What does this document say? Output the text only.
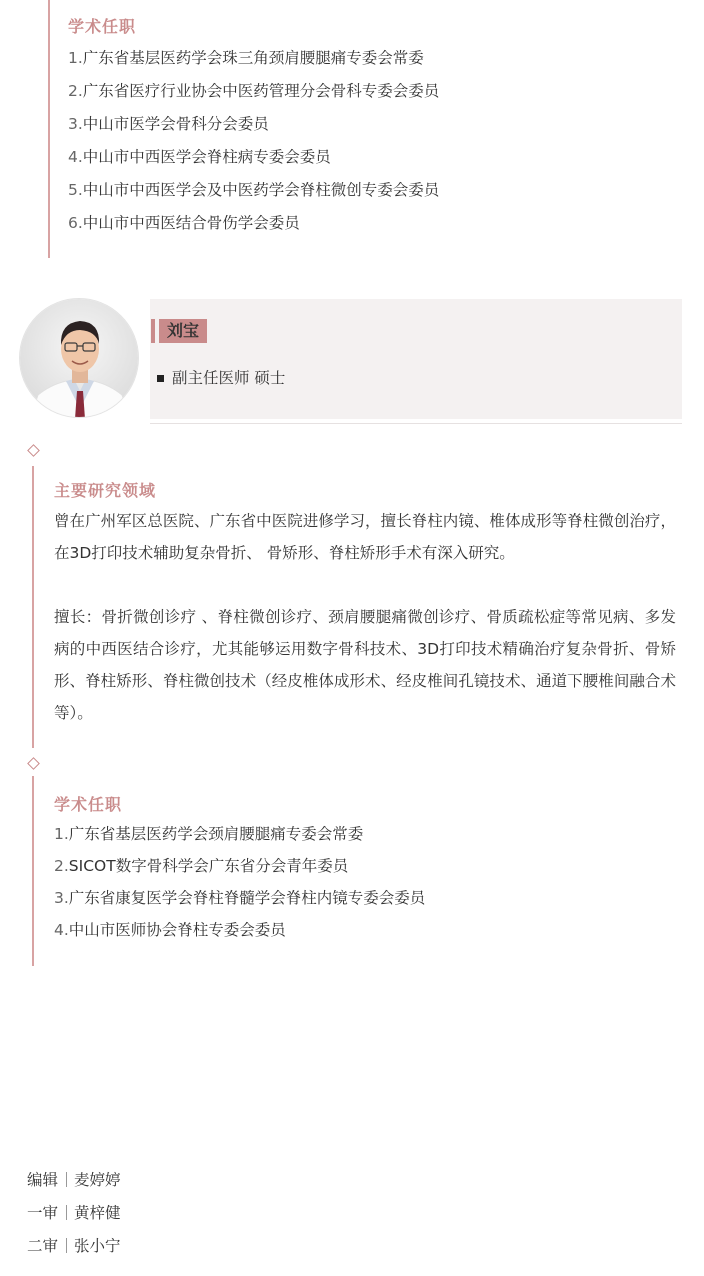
学术任职
1.广东省基层医药学会珠三角颈肩腰腿痛专委会常委
2.广东省医疗行业协会中医药管理分会骨科专委会委员
3.中山市医学会骨科分会委员
4.中山市中西医学会脊柱病专委会委员
5.中山市中西医学会及中医药学会脊柱微创专委会委员
6.中山市中西医结合骨伤学会委员
刘宝
副主任医师 硕士
主要研究领域

曾在广州军区总医院、广东省中医院进修学习，擅长脊柱内镜、椎体成形等脊柱微创治疗，在3D打印技术辅助复杂骨折、 骨矫形、脊柱矫形手术有深入研究。

擅长：骨折微创诊疗 、脊柱微创诊疗、颈肩腰腿痛微创诊疗、骨质疏松症等常见病、多发病的中西医结合诊疗，尤其能够运用数字骨科技术、3D打印技术精确治疗复杂骨折、骨矫形、脊柱矫形、脊柱微创技术（经皮椎体成形术、经皮椎间孔镜技术、通道下腰椎间融合术等）。

学术任职
1.广东省基层医药学会颈肩腰腿痛专委会常委
2.SICOT数字骨科学会广东省分会青年委员
3.广东省康复医学会脊柱脊髓学会脊柱内镜专委会委员
4.中山市医师协会脊柱专委会委员
编辑 麦婷婷
一审 黄梓健
二审 张小宁
